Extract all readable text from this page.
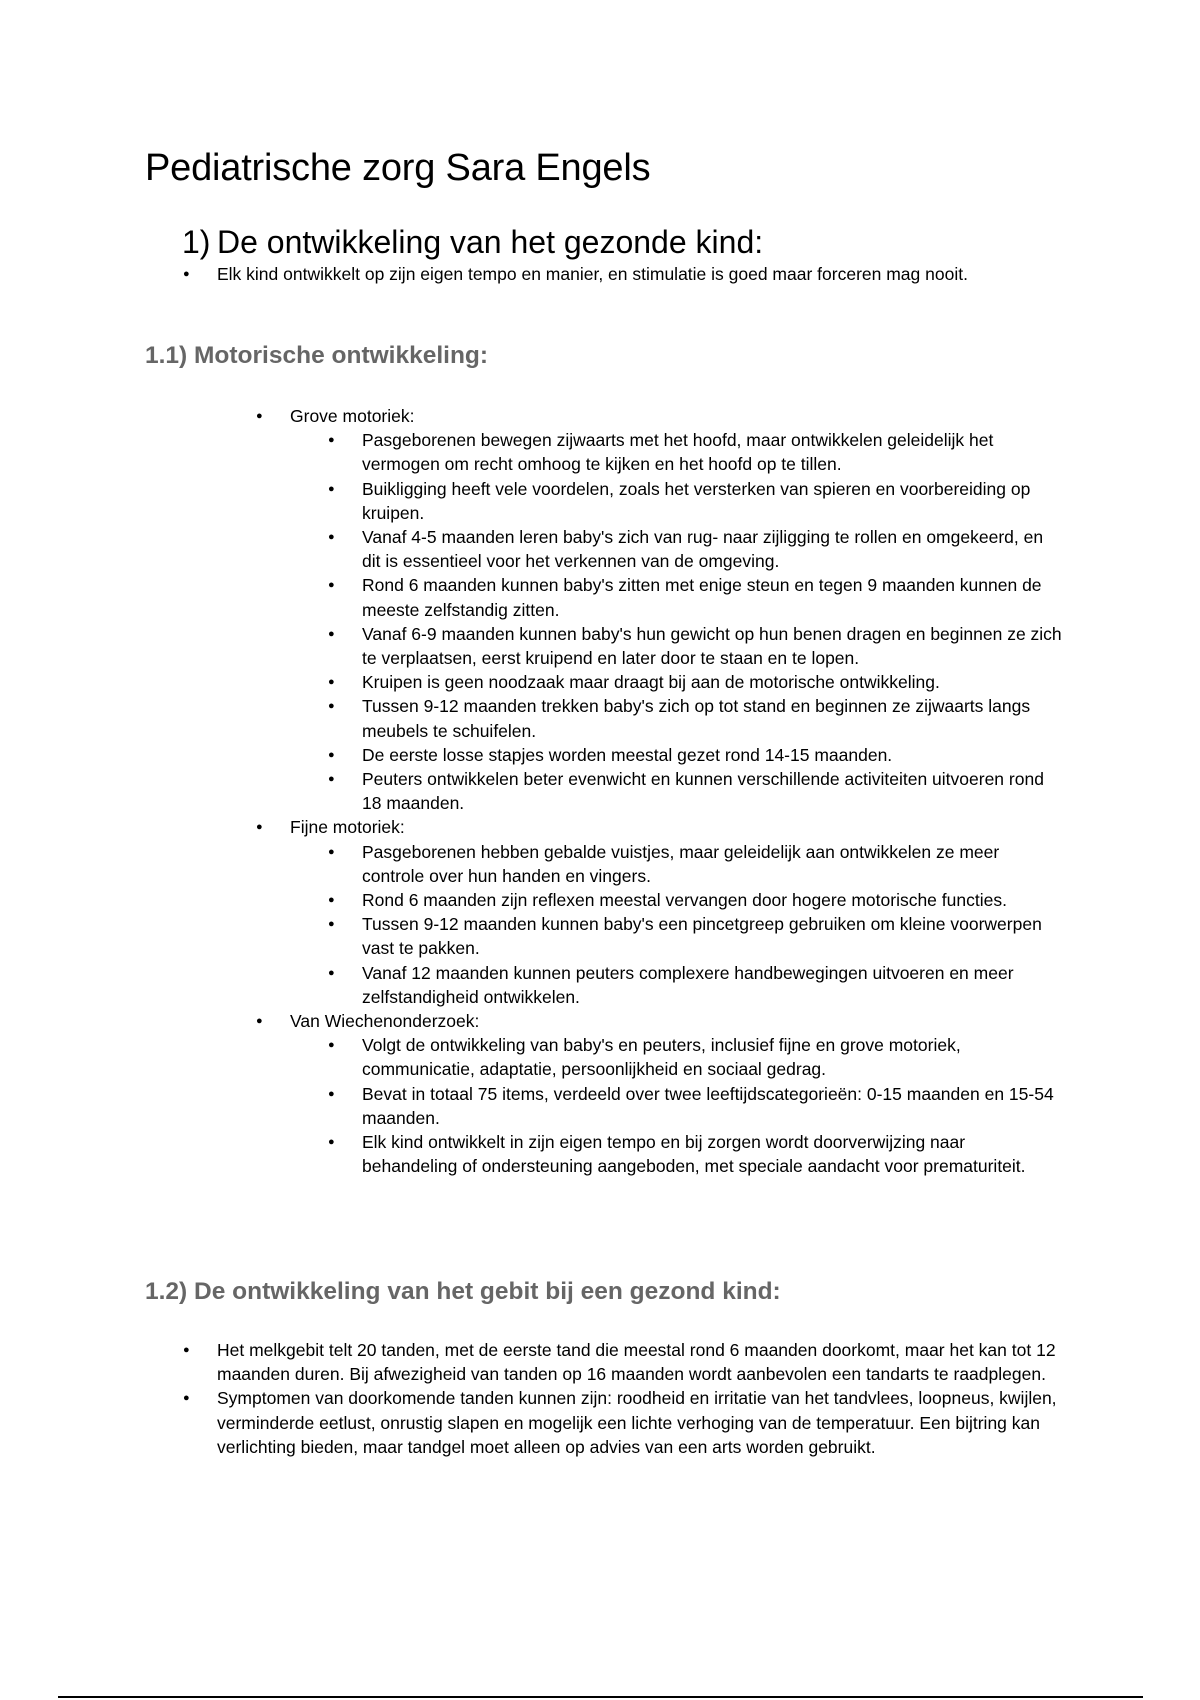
Pediatrische zorg Sara Engels
1) De ontwikkeling van het gezonde kind:
● Elk kind ontwikkelt op zijn eigen tempo en manier, en stimulatie is goed maar forceren mag nooit.
1.1) Motorische ontwikkeling:
● Grove motoriek:
● Pasgeborenen bewegen zijwaarts met het hoofd, maar ontwikkelen geleidelijk het vermogen om recht omhoog te kijken en het hoofd op te tillen.
● Buikligging heeft vele voordelen, zoals het versterken van spieren en voorbereiding op kruipen.
● Vanaf 4-5 maanden leren baby's zich van rug- naar zijligging te rollen en omgekeerd, en dit is essentieel voor het verkennen van de omgeving.
● Rond 6 maanden kunnen baby's zitten met enige steun en tegen 9 maanden kunnen de meeste zelfstandig zitten.
● Vanaf 6-9 maanden kunnen baby's hun gewicht op hun benen dragen en beginnen ze zich te verplaatsen, eerst kruipend en later door te staan en te lopen.
● Kruipen is geen noodzaak maar draagt bij aan de motorische ontwikkeling.
● Tussen 9-12 maanden trekken baby's zich op tot stand en beginnen ze zijwaarts langs meubels te schuifelen.
● De eerste losse stapjes worden meestal gezet rond 14-15 maanden.
● Peuters ontwikkelen beter evenwicht en kunnen verschillende activiteiten uitvoeren rond 18 maanden.
● Fijne motoriek:
● Pasgeborenen hebben gebalde vuistjes, maar geleidelijk aan ontwikkelen ze meer controle over hun handen en vingers.
● Rond 6 maanden zijn reflexen meestal vervangen door hogere motorische functies.
● Tussen 9-12 maanden kunnen baby's een pincetgreep gebruiken om kleine voorwerpen vast te pakken.
● Vanaf 12 maanden kunnen peuters complexere handbewegingen uitvoeren en meer zelfstandigheid ontwikkelen.
● Van Wiechenonderzoek:
● Volgt de ontwikkeling van baby's en peuters, inclusief fijne en grove motoriek, communicatie, adaptatie, persoonlijkheid en sociaal gedrag.
● Bevat in totaal 75 items, verdeeld over twee leeftijdscategorieën: 0-15 maanden en 15-54 maanden.
● Elk kind ontwikkelt in zijn eigen tempo en bij zorgen wordt doorverwijzing naar behandeling of ondersteuning aangeboden, met speciale aandacht voor prematuriteit.
1.2) De ontwikkeling van het gebit bij een gezond kind:
● Het melkgebit telt 20 tanden, met de eerste tand die meestal rond 6 maanden doorkomt, maar het kan tot 12 maanden duren. Bij afwezigheid van tanden op 16 maanden wordt aanbevolen een tandarts te raadplegen.
● Symptomen van doorkomende tanden kunnen zijn: roodheid en irritatie van het tandvlees, loopneus, kwijlen, verminderde eetlust, onrustig slapen en mogelijk een lichte verhoging van de temperatuur. Een bijtring kan verlichting bieden, maar tandgel moet alleen op advies van een arts worden gebruikt.
